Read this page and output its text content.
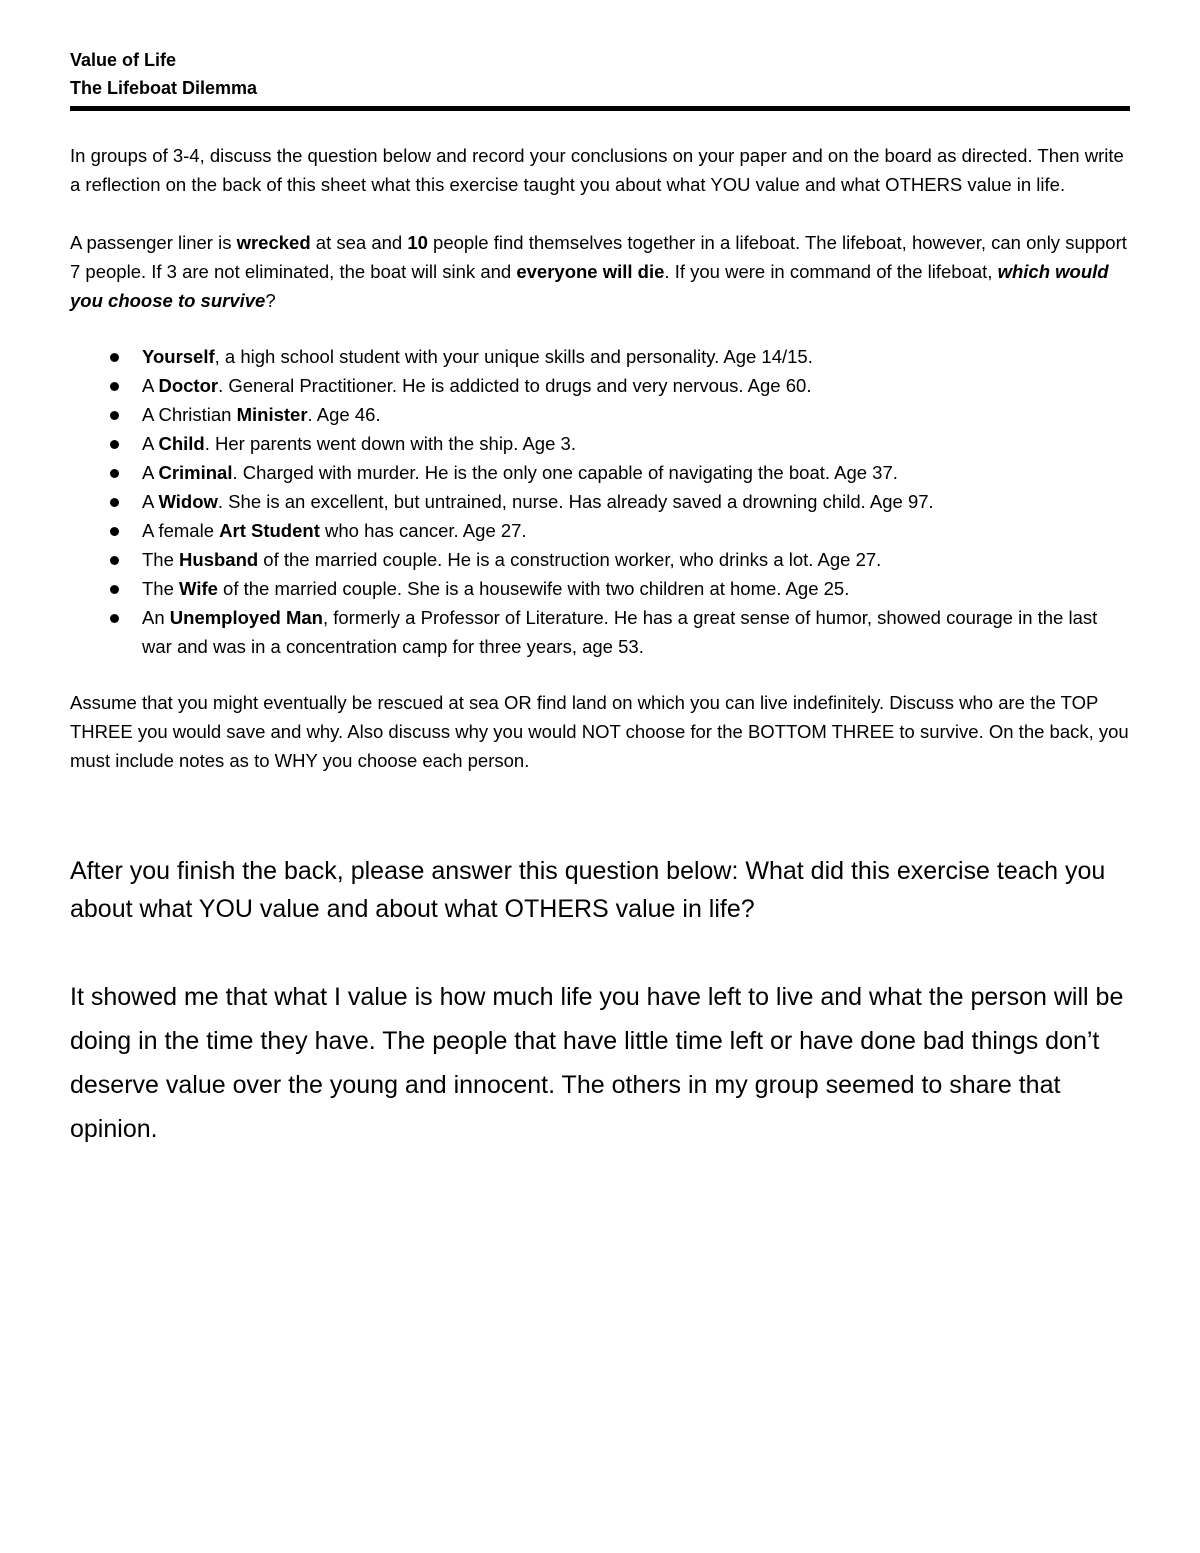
Value of Life

The Lifeboat Dilemma

In groups of 3-4, discuss the question below and record your conclusions on your paper and on the board as directed. Then write a reflection on the back of this sheet what this exercise taught you about what YOU value and what OTHERS value in life.

A passenger liner is wrecked at sea and 10 people find themselves together in a lifeboat. The lifeboat, however, can only support 7 people. If 3 are not eliminated, the boat will sink and everyone will die. If you were in command of the lifeboat, which would you choose to survive?

Yourself, a high school student with your unique skills and personality. Age 14/15.
A Doctor. General Practitioner. He is addicted to drugs and very nervous. Age 60.
A Christian Minister. Age 46.
A Child. Her parents went down with the ship. Age 3.
A Criminal. Charged with murder. He is the only one capable of navigating the boat. Age 37.
A Widow. She is an excellent, but untrained, nurse. Has already saved a drowning child. Age 97.
A female Art Student who has cancer. Age 27.
The Husband of the married couple. He is a construction worker, who drinks a lot. Age 27.
The Wife of the married couple. She is a housewife with two children at home. Age 25.
An Unemployed Man, formerly a Professor of Literature. He has a great sense of humor, showed courage in the last war and was in a concentration camp for three years, age 53.

Assume that you might eventually be rescued at sea OR find land on which you can live indefinitely. Discuss who are the TOP THREE you would save and why. Also discuss why you would NOT choose for the BOTTOM THREE to survive. On the back, you must include notes as to WHY you choose each person.

After you finish the back, please answer this question below: What did this exercise teach you about what YOU value and about what OTHERS value in life?

It showed me that what I value is how much life you have left to live and what the person will be doing in the time they have. The people that have little time left or have done bad things don’t deserve value over the young and innocent. The others in my group seemed to share that opinion.
